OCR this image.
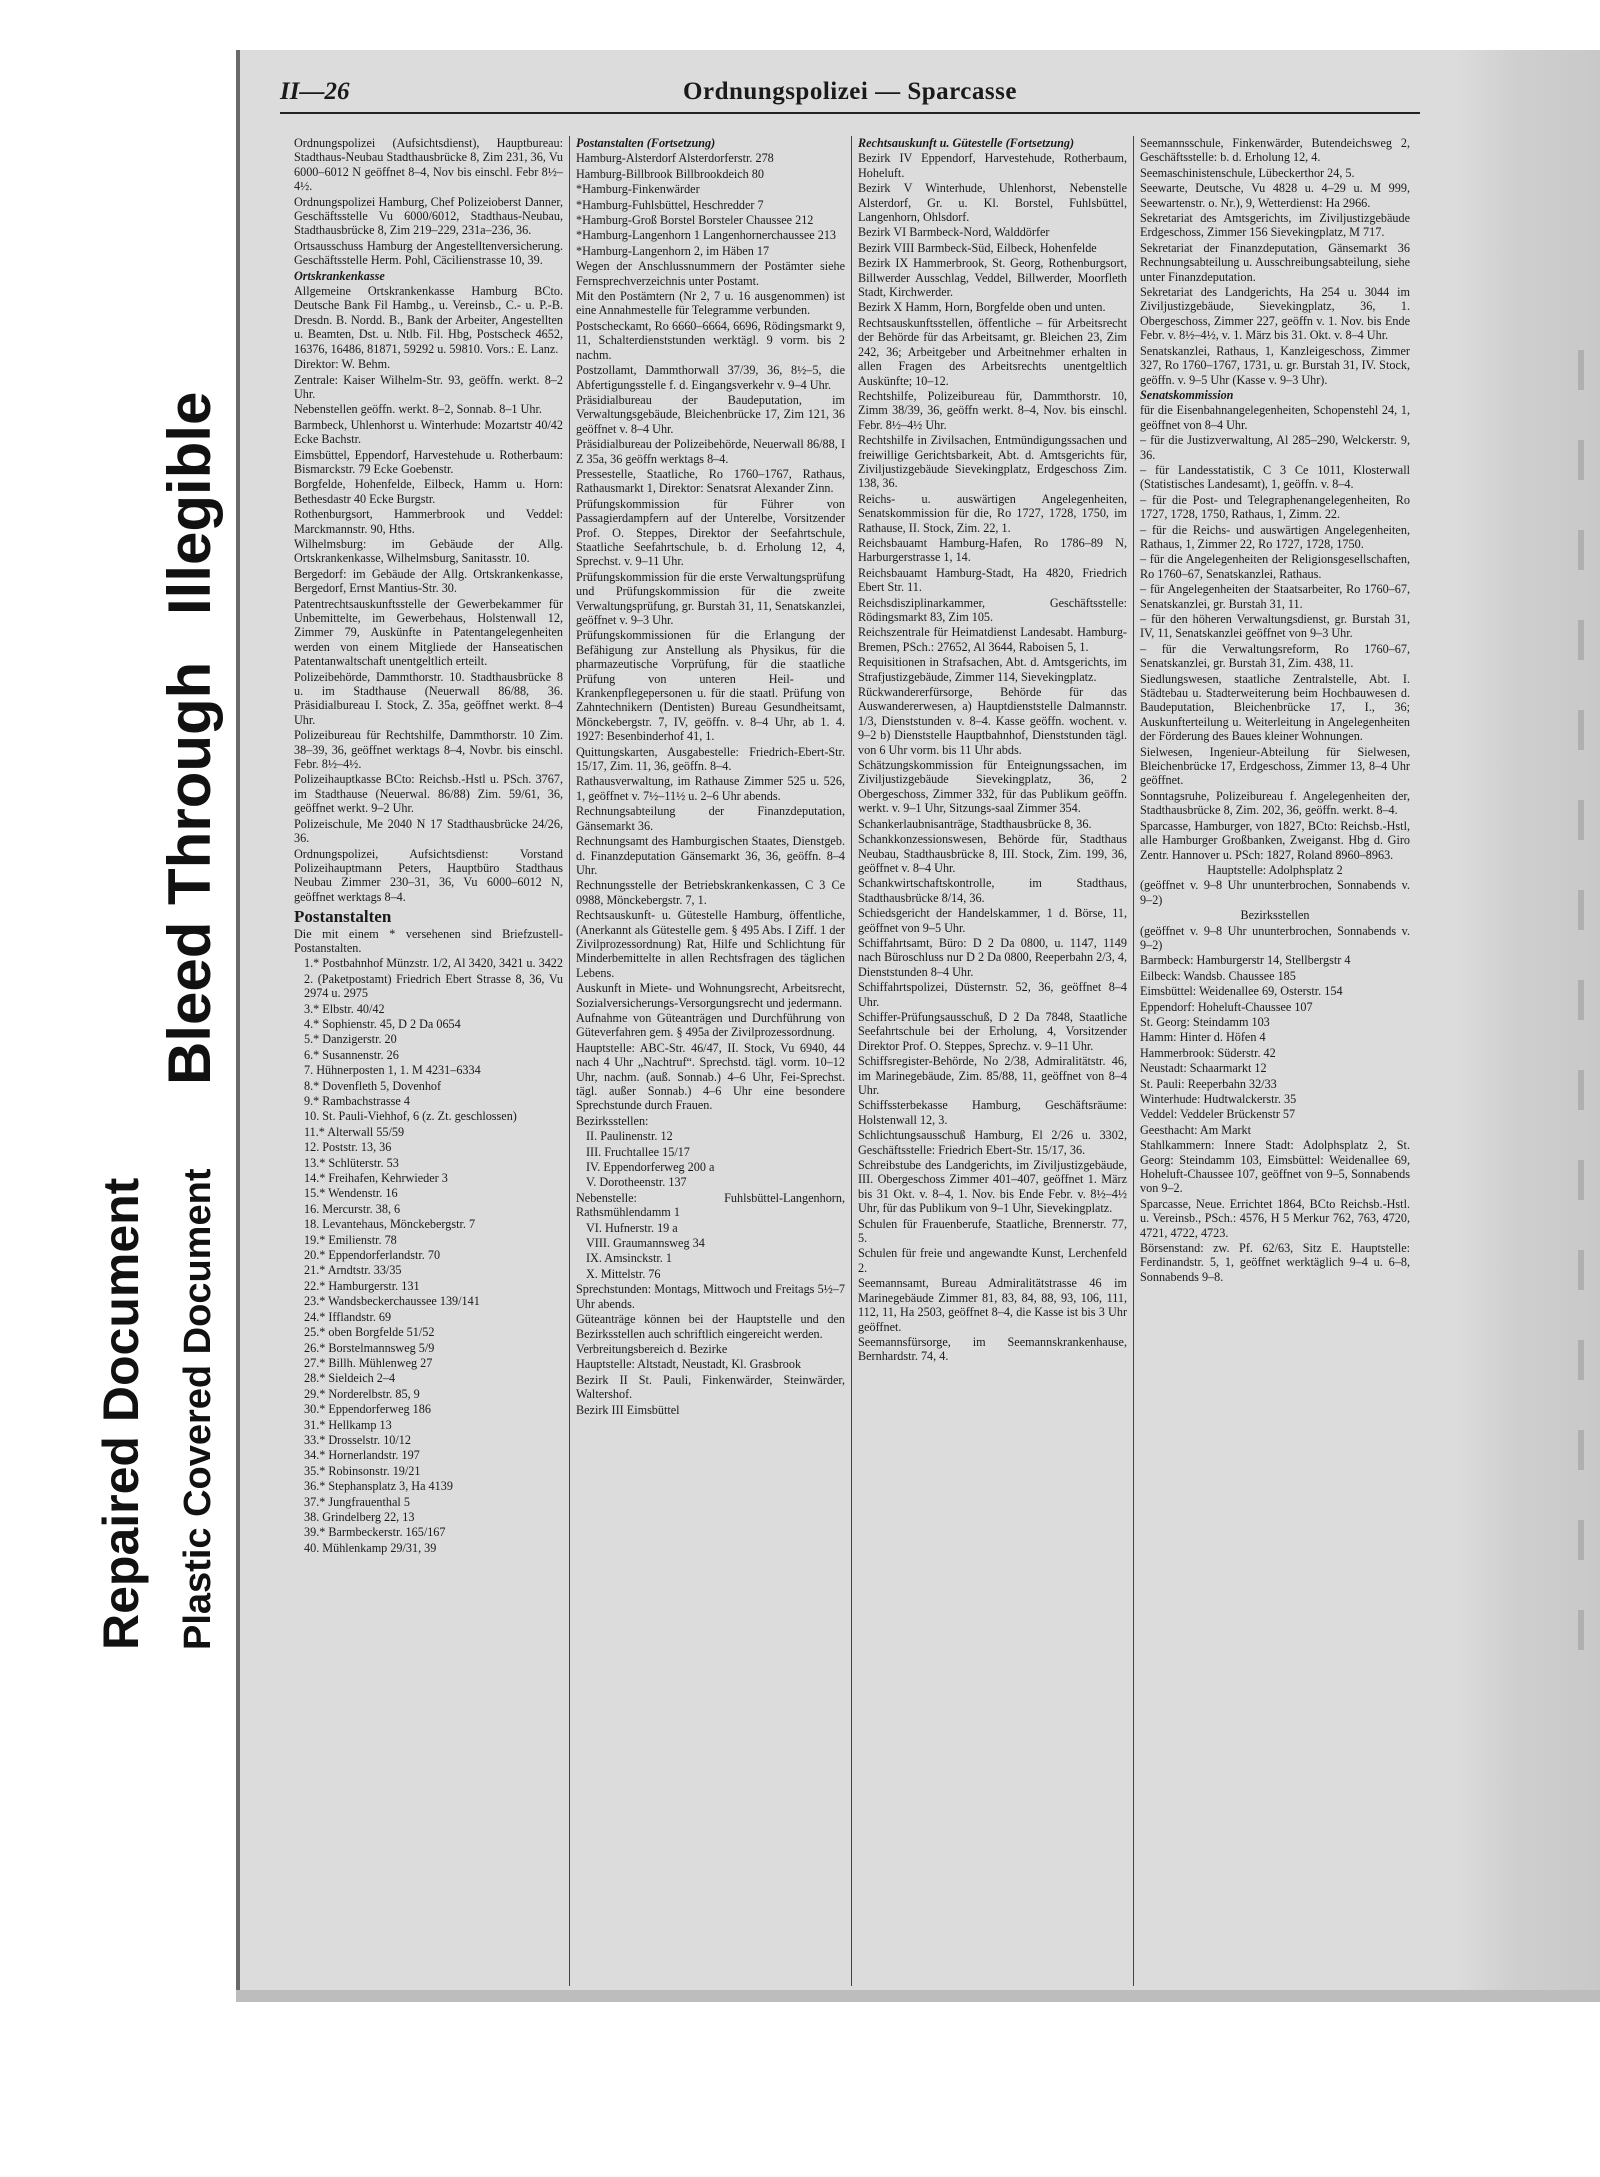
Repaired Document Plastic Covered Document
Bleed Through
Illegible
II—26	Ordnungspolizei — Sparcasse

Ordnungspolizei (Aufsichtsdienst), Hauptbureau: Stadthaus-Neubau Stadthausbrücke 8, Zim 231, 36, Vu 6000–6012 N geöffnet 8–4, Nov bis einschl. Febr 8½–4½.

Ordnungspolizei Hamburg, Chef Polizeioberst Danner, Geschäftsstelle Vu 6000/6012, Stadthaus-Neubau, Stadthausbrücke 8, Zim 219–229, 231a–236, 36.

Ortsausschuss Hamburg der Angestelltenversicherung. Geschäftsstelle Herm. Pohl, Cäcilienstrasse 10, 39.

Ortskrankenkasse

Allgemeine Ortskrankenkasse Hamburg BCto. Deutsche Bank Fil Hambg., u. Vereinsb., C.- u. P.-B. Dresdn. B. Nordd. B., Bank der Arbeiter, Angestellten u. Beamten, Dst. u. Ntlb. Fil. Hbg, Postscheck 4652, 16376, 16486, 81871, 59292 u. 59810. Vors.: E. Lanz.

Direktor: W. Behm.

Zentrale: Kaiser Wilhelm-Str. 93, geöffn. werkt. 8–2 Uhr.

Nebenstellen geöffn. werkt. 8–2, Sonnab. 8–1 Uhr.

Barmbeck, Uhlenhorst u. Winterhude: Mozartstr 40/42 Ecke Bachstr.

Eimsbüttel, Eppendorf, Harvestehude u. Rotherbaum: Bismarckstr. 79 Ecke Goebenstr.

Borgfelde, Hohenfelde, Eilbeck, Hamm u. Horn: Bethesdastr 40 Ecke Burgstr.

Rothenburgsort, Hammerbrook und Veddel: Marckmannstr. 90, Hths.

Wilhelmsburg: im Gebäude der Allg. Ortskrankenkasse, Wilhelmsburg, Sanitasstr. 10.

Bergedorf: im Gebäude der Allg. Ortskrankenkasse, Bergedorf, Ernst Mantius-Str. 30.

Patentrechtsauskunftsstelle der Gewerbekammer für Unbemittelte, im Gewerbehaus, Holstenwall 12, Zimmer 79, Auskünfte in Patentangelegenheiten werden von einem Mitgliede der Hanseatischen Patentanwaltschaft unentgeltlich erteilt.

Polizeibehörde, Dammthorstr. 10. Stadthausbrücke 8 u. im Stadthause (Neuerwall 86/88, 36. Präsidialbureau I. Stock, Z. 35a, geöffnet werkt. 8–4 Uhr.

Polizeibureau für Rechtshilfe, Dammthorstr. 10 Zim. 38–39, 36, geöffnet werktags 8–4, Novbr. bis einschl. Febr. 8½–4½.

Polizeihauptkasse BCto: Reichsb.-Hstl u. PSch. 3767, im Stadthause (Neuerwal. 86/88) Zim. 59/61, 36, geöffnet werkt. 9–2 Uhr.

Polizeischule, Me 2040 N 17 Stadthausbrücke 24/26, 36.

Ordnungspolizei, Aufsichtsdienst: Vorstand Polizeihauptmann Peters, Hauptbüro Stadthaus Neubau Zimmer 230–31, 36, Vu 6000–6012 N, geöffnet werktags 8–4.

Postanstalten

Die mit einem * versehenen sind Briefzustell-Postanstalten.

1.* Postbahnhof Münzstr. 1/2, Al 3420, 3421 u. 3422

2. (Paketpostamt) Friedrich Ebert Strasse 8, 36, Vu 2974 u. 2975

3.* Elbstr. 40/42

4.* Sophienstr. 45, D 2 Da 0654

5.* Danzigerstr. 20

6.* Susannenstr. 26

7. Hühnerposten 1, 1. M 4231–6334

8.* Dovenfleth 5, Dovenhof

9.* Rambachstrasse 4

10. St. Pauli-Viehhof, 6 (z. Zt. geschlossen)

11.* Alterwall 55/59

12. Poststr. 13, 36

13.* Schlüterstr. 53

14.* Freihafen, Kehrwieder 3

15.* Wendenstr. 16

16. Mercurstr. 38, 6

18. Levantehaus, Mönckebergstr. 7

19.* Emilienstr. 78

20.* Eppendorferlandstr. 70

21.* Arndtstr. 33/35

22.* Hamburgerstr. 131

23.* Wandsbeckerchaussee 139/141

24.* Ifflandstr. 69

25.* oben Borgfelde 51/52

26.* Borstelmannsweg 5/9

27.* Billh. Mühlenweg 27

28.* Sieldeich 2–4

29.* Norderelbstr. 85, 9

30.* Eppendorferweg 186

31.* Hellkamp 13

33.* Drosselstr. 10/12

34.* Hornerlandstr. 197

35.* Robinsonstr. 19/21

36.* Stephansplatz 3, Ha 4139

37.* Jungfrauenthal 5

38. Grindelberg 22, 13

39.* Barmbeckerstr. 165/167

40. Mühlenkamp 29/31, 39

Postanstalten (Fortsetzung)

Hamburg-Alsterdorf Alsterdorferstr. 278

Hamburg-Billbrook Billbrookdeich 80

*Hamburg-Finkenwärder

*Hamburg-Fuhlsbüttel, Heschredder 7

*Hamburg-Groß Borstel Borsteler Chaussee 212

*Hamburg-Langenhorn 1 Langenhornerchaussee 213

*Hamburg-Langenhorn 2, im Häben 17

Wegen der Anschlussnummern der Postämter siehe Fernsprechverzeichnis unter Postamt.

Mit den Postämtern (Nr 2, 7 u. 16 ausgenommen) ist eine Annahmestelle für Telegramme verbunden.

Postscheckamt, Ro 6660–6664, 6696, Rödingsmarkt 9, 11, Schalterdienststunden werktägl. 9 vorm. bis 2 nachm.

Postzollamt, Dammthorwall 37/39, 36, 8½–5, die Abfertigungsstelle f. d. Eingangsverkehr v. 9–4 Uhr.

Präsidialbureau der Baudeputation, im Verwaltungsgebäude, Bleichenbrücke 17, Zim 121, 36 geöffnet v. 8–4 Uhr.

Präsidialbureau der Polizeibehörde, Neuerwall 86/88, I Z 35a, 36 geöffn werktags 8–4.

Pressestelle, Staatliche, Ro 1760–1767, Rathaus, Rathausmarkt 1, Direktor: Senatsrat Alexander Zinn.

Prüfungskommission für Führer von Passagierdampfern auf der Unterelbe, Vorsitzender Prof. O. Steppes, Direktor der Seefahrtschule, Staatliche Seefahrtschule, b. d. Erholung 12, 4, Sprechst. v. 9–11 Uhr.

Prüfungskommission für die erste Verwaltungsprüfung und Prüfungskommission für die zweite Verwaltungsprüfung, gr. Burstah 31, 11, Senatskanzlei, geöffnet v. 9–3 Uhr.

Prüfungskommissionen für die Erlangung der Befähigung zur Anstellung als Physikus, für die pharmazeutische Vorprüfung, für die staatliche Prüfung von unteren Heil- und Krankenpflegepersonen u. für die staatl. Prüfung von Zahntechnikern (Dentisten) Bureau Gesundheitsamt, Mönckebergstr. 7, IV, geöffn. v. 8–4 Uhr, ab 1. 4. 1927: Besenbinderhof 41, 1.

Quittungskarten, Ausgabestelle: Friedrich-Ebert-Str. 15/17, Zim. 11, 36, geöffn. 8–4.

Rathausverwaltung, im Rathause Zimmer 525 u. 526, 1, geöffnet v. 7½–11½ u. 2–6 Uhr abends.

Rechnungsabteilung der Finanzdeputation, Gänsemarkt 36.

Rechnungsamt des Hamburgischen Staates, Dienstgeb. d. Finanzdeputation Gänsemarkt 36, 36, geöffn. 8–4 Uhr.

Rechnungsstelle der Betriebskrankenkassen, C 3 Ce 0988, Mönckebergstr. 7, 1.

Rechtsauskunft- u. Gütestelle Hamburg, öffentliche, (Anerkannt als Gütestelle gem. § 495 Abs. I Ziff. 1 der Zivilprozessordnung) Rat, Hilfe und Schlichtung für Minderbemittelte in allen Rechtsfragen des täglichen Lebens.

Auskunft in Miete- und Wohnungsrecht, Arbeitsrecht, Sozialversicherungs-Versorgungsrecht und jedermann.

Aufnahme von Güteanträgen und Durchführung von Güteverfahren gem. § 495a der Zivilprozessordnung.

Hauptstelle: ABC-Str. 46/47, II. Stock, Vu 6940, 44 nach 4 Uhr „Nachtruf“. Sprechstd. tägl. vorm. 10–12 Uhr, nachm. (auß. Sonnab.) 4–6 Uhr, Fei-Sprechst. tägl. außer Sonnab.) 4–6 Uhr eine besondere Sprechstunde durch Frauen.

Bezirksstellen:

II. Paulinenstr. 12

III. Fruchtallee 15/17

IV. Eppendorferweg 200 a

V. Dorotheenstr. 137

Nebenstelle: Fuhlsbüttel-Langenhorn, Rathsmühlendamm 1

VI. Hufnerstr. 19 a

VIII. Graumannsweg 34

IX. Amsinckstr. 1

X. Mittelstr. 76

Sprechstunden: Montags, Mittwoch und Freitags 5½–7 Uhr abends.

Güteanträge können bei der Hauptstelle und den Bezirksstellen auch schriftlich eingereicht werden.

Verbreitungsbereich d. Bezirke

Hauptstelle: Altstadt, Neustadt, Kl. Grasbrook

Bezirk II St. Pauli, Finkenwärder, Steinwärder, Waltershof.

Bezirk III Eimsbüttel

Rechtsauskunft u. Gütestelle (Fortsetzung)

Bezirk IV Eppendorf, Harvestehude, Rotherbaum, Hoheluft.

Bezirk V Winterhude, Uhlenhorst, Nebenstelle Alsterdorf, Gr. u. Kl. Borstel, Fuhlsbüttel, Langenhorn, Ohlsdorf.

Bezirk VI Barmbeck-Nord, Walddörfer

Bezirk VIII Barmbeck-Süd, Eilbeck, Hohenfelde

Bezirk IX Hammerbrook, St. Georg, Rothenburgsort, Billwerder Ausschlag, Veddel, Billwerder, Moorfleth Stadt, Kirchwerder.

Bezirk X Hamm, Horn, Borgfelde oben und unten.

Rechtsauskunftsstellen, öffentliche – für Arbeitsrecht der Behörde für das Arbeitsamt, gr. Bleichen 23, Zim 242, 36; Arbeitgeber und Arbeitnehmer erhalten in allen Fragen des Arbeitsrechts unentgeltlich Auskünfte; 10–12.

Rechtshilfe, Polizeibureau für, Dammthorstr. 10, Zimm 38/39, 36, geöffn werkt. 8–4, Nov. bis einschl. Febr. 8½–4½ Uhr.

Rechtshilfe in Zivilsachen, Entmündigungssachen und freiwillige Gerichtsbarkeit, Abt. d. Amtsgerichts für, Ziviljustizgebäude Sievekingplatz, Erdgeschoss Zim. 138, 36.

Reichs- u. auswärtigen Angelegenheiten, Senatskommission für die, Ro 1727, 1728, 1750, im Rathause, II. Stock, Zim. 22, 1.

Reichsbauamt Hamburg-Hafen, Ro 1786–89 N, Harburgerstrasse 1, 14.

Reichsbauamt Hamburg-Stadt, Ha 4820, Friedrich Ebert Str. 11.

Reichsdisziplinarkammer, Geschäftsstelle: Rödingsmarkt 83, Zim 105.

Reichszentrale für Heimatdienst Landesabt. Hamburg-Bremen, PSch.: 27652, Al 3644, Raboisen 5, 1.

Requisitionen in Strafsachen, Abt. d. Amtsgerichts, im Strafjustizgebäude, Zimmer 114, Sievekingplatz.

Rückwandererfürsorge, Behörde für das Auswandererwesen, a) Hauptdienststelle Dalmannstr. 1/3, Dienststunden v. 8–4. Kasse geöffn. wochent. v. 9–2 b) Dienststelle Hauptbahnhof, Dienststunden tägl. von 6 Uhr vorm. bis 11 Uhr abds.

Schätzungskommission für Enteignungssachen, im Ziviljustizgebäude Sievekingplatz, 36, 2 Obergeschoss, Zimmer 332, für das Publikum geöffn. werkt. v. 9–1 Uhr, Sitzungs-saal Zimmer 354.

Schankerlaubnisanträge, Stadthausbrücke 8, 36.

Schankkonzessionswesen, Behörde für, Stadthaus Neubau, Stadthausbrücke 8, III. Stock, Zim. 199, 36, geöffnet v. 8–4 Uhr.

Schankwirtschaftskontrolle, im Stadthaus, Stadthausbrücke 8/14, 36.

Schiedsgericht der Handelskammer, 1 d. Börse, 11, geöffnet von 9–5 Uhr.

Schiffahrtsamt, Büro: D 2 Da 0800, u. 1147, 1149 nach Büroschluss nur D 2 Da 0800, Reeperbahn 2/3, 4, Dienststunden 8–4 Uhr.

Schiffahrtspolizei, Düsternstr. 52, 36, geöffnet 8–4 Uhr.

Schiffer-Prüfungsausschuß, D 2 Da 7848, Staatliche Seefahrtschule bei der Erholung, 4, Vorsitzender Direktor Prof. O. Steppes, Sprechz. v. 9–11 Uhr.

Schiffsregister-Behörde, No 2/38, Admiralitätstr. 46, im Marinegebäude, Zim. 85/88, 11, geöffnet von 8–4 Uhr.

Schiffssterbekasse Hamburg, Geschäftsräume: Holstenwall 12, 3.

Schlichtungsausschuß Hamburg, El 2/26 u. 3302, Geschäftsstelle: Friedrich Ebert-Str. 15/17, 36.

Schreibstube des Landgerichts, im Ziviljustizgebäude, III. Obergeschoss Zimmer 401–407, geöffnet 1. März bis 31 Okt. v. 8–4, 1. Nov. bis Ende Febr. v. 8½–4½ Uhr, für das Publikum von 9–1 Uhr, Sievekingplatz.

Schulen für Frauenberufe, Staatliche, Brennerstr. 77, 5.

Schulen für freie und angewandte Kunst, Lerchenfeld 2.

Seemannsamt, Bureau Admiralitätstrasse 46 im Marinegebäude Zimmer 81, 83, 84, 88, 93, 106, 111, 112, 11, Ha 2503, geöffnet 8–4, die Kasse ist bis 3 Uhr geöffnet.

Seemannsfürsorge, im Seemannskrankenhause, Bernhardstr. 74, 4.

Seemannsschule, Finkenwärder, Butendeichsweg 2, Geschäftsstelle: b. d. Erholung 12, 4.

Seemaschinistenschule, Lübeckerthor 24, 5.

Seewarte, Deutsche, Vu 4828 u. 4–29 u. M 999, Seewartenstr. o. Nr.), 9, Wetterdienst: Ha 2966.

Sekretariat des Amtsgerichts, im Ziviljustizgebäude Erdgeschoss, Zimmer 156 Sievekingplatz, M 717.

Sekretariat der Finanzdeputation, Gänsemarkt 36 Rechnungsabteilung u. Ausschreibungsabteilung, siehe unter Finanzdeputation.

Sekretariat des Landgerichts, Ha 254 u. 3044 im Ziviljustizgebäude, Sievekingplatz, 36, 1. Obergeschoss, Zimmer 227, geöffn v. 1. Nov. bis Ende Febr. v. 8½–4½, v. 1. März bis 31. Okt. v. 8–4 Uhr.

Senatskanzlei, Rathaus, 1, Kanzleigeschoss, Zimmer 327, Ro 1760–1767, 1731, u. gr. Burstah 31, IV. Stock, geöffn. v. 9–5 Uhr (Kasse v. 9–3 Uhr).

Senatskommission

für die Eisenbahnangelegenheiten, Schopenstehl 24, 1, geöffnet von 8–4 Uhr.

– für die Justizverwaltung, Al 285–290, Welckerstr. 9, 36.

– für Landesstatistik, C 3 Ce 1011, Klosterwall (Statistisches Landesamt), 1, geöffn. v. 8–4.

– für die Post- und Telegraphenangelegenheiten, Ro 1727, 1728, 1750, Rathaus, 1, Zimm. 22.

– für die Reichs- und auswärtigen Angelegenheiten, Rathaus, 1, Zimmer 22, Ro 1727, 1728, 1750.

– für die Angelegenheiten der Religionsgesellschaften, Ro 1760–67, Senatskanzlei, Rathaus.

– für Angelegenheiten der Staatsarbeiter, Ro 1760–67, Senatskanzlei, gr. Burstah 31, 11.

– für den höheren Verwaltungsdienst, gr. Burstah 31, IV, 11, Senatskanzlei geöffnet von 9–3 Uhr.

– für die Verwaltungsreform, Ro 1760–67, Senatskanzlei, gr. Burstah 31, Zim. 438, 11.

Siedlungswesen, staatliche Zentralstelle, Abt. I. Städtebau u. Stadterweiterung beim Hochbauwesen d. Baudeputation, Bleichenbrücke 17, I., 36; Auskunfterteilung u. Weiterleitung in Angelegenheiten der Förderung des Baues kleiner Wohnungen.

Sielwesen, Ingenieur-Abteilung für Sielwesen, Bleichenbrücke 17, Erdgeschoss, Zimmer 13, 8–4 Uhr geöffnet.

Sonntagsruhe, Polizeibureau f. Angelegenheiten der, Stadthausbrücke 8, Zim. 202, 36, geöffn. werkt. 8–4.

Sparcasse, Hamburger, von 1827, BCto: Reichsb.-Hstl, alle Hamburger Großbanken, Zweiganst. Hbg d. Giro Zentr. Hannover u. PSch: 1827, Roland 8960–8963.

Hauptstelle: Adolphsplatz 2

(geöffnet v. 9–8 Uhr ununterbrochen, Sonnabends v. 9–2)

Bezirksstellen

(geöffnet v. 9–8 Uhr ununterbrochen, Sonnabends v. 9–2)

Barmbeck: Hamburgerstr 14, Stellbergstr 4

Eilbeck: Wandsb. Chaussee 185

Eimsbüttel: Weidenallee 69, Osterstr. 154

Eppendorf: Hoheluft-Chaussee 107

St. Georg: Steindamm 103

Hamm: Hinter d. Höfen 4

Hammerbrook: Süderstr. 42

Neustadt: Schaarmarkt 12

St. Pauli: Reeperbahn 32/33

Winterhude: Hudtwalckerstr. 35

Veddel: Veddeler Brückenstr 57

Geesthacht: Am Markt

Stahlkammern: Innere Stadt: Adolphsplatz 2, St. Georg: Steindamm 103, Eimsbüttel: Weidenallee 69, Hoheluft-Chaussee 107, geöffnet von 9–5, Sonnabends von 9–2.

Sparcasse, Neue. Errichtet 1864, BCto Reichsb.-Hstl. u. Vereinsb., PSch.: 4576, H 5 Merkur 762, 763, 4720, 4721, 4722, 4723.

Börsenstand: zw. Pf. 62/63, Sitz E. Hauptstelle: Ferdinandstr. 5, 1, geöffnet werktäglich 9–4 u. 6–8, Sonnabends 9–8.
